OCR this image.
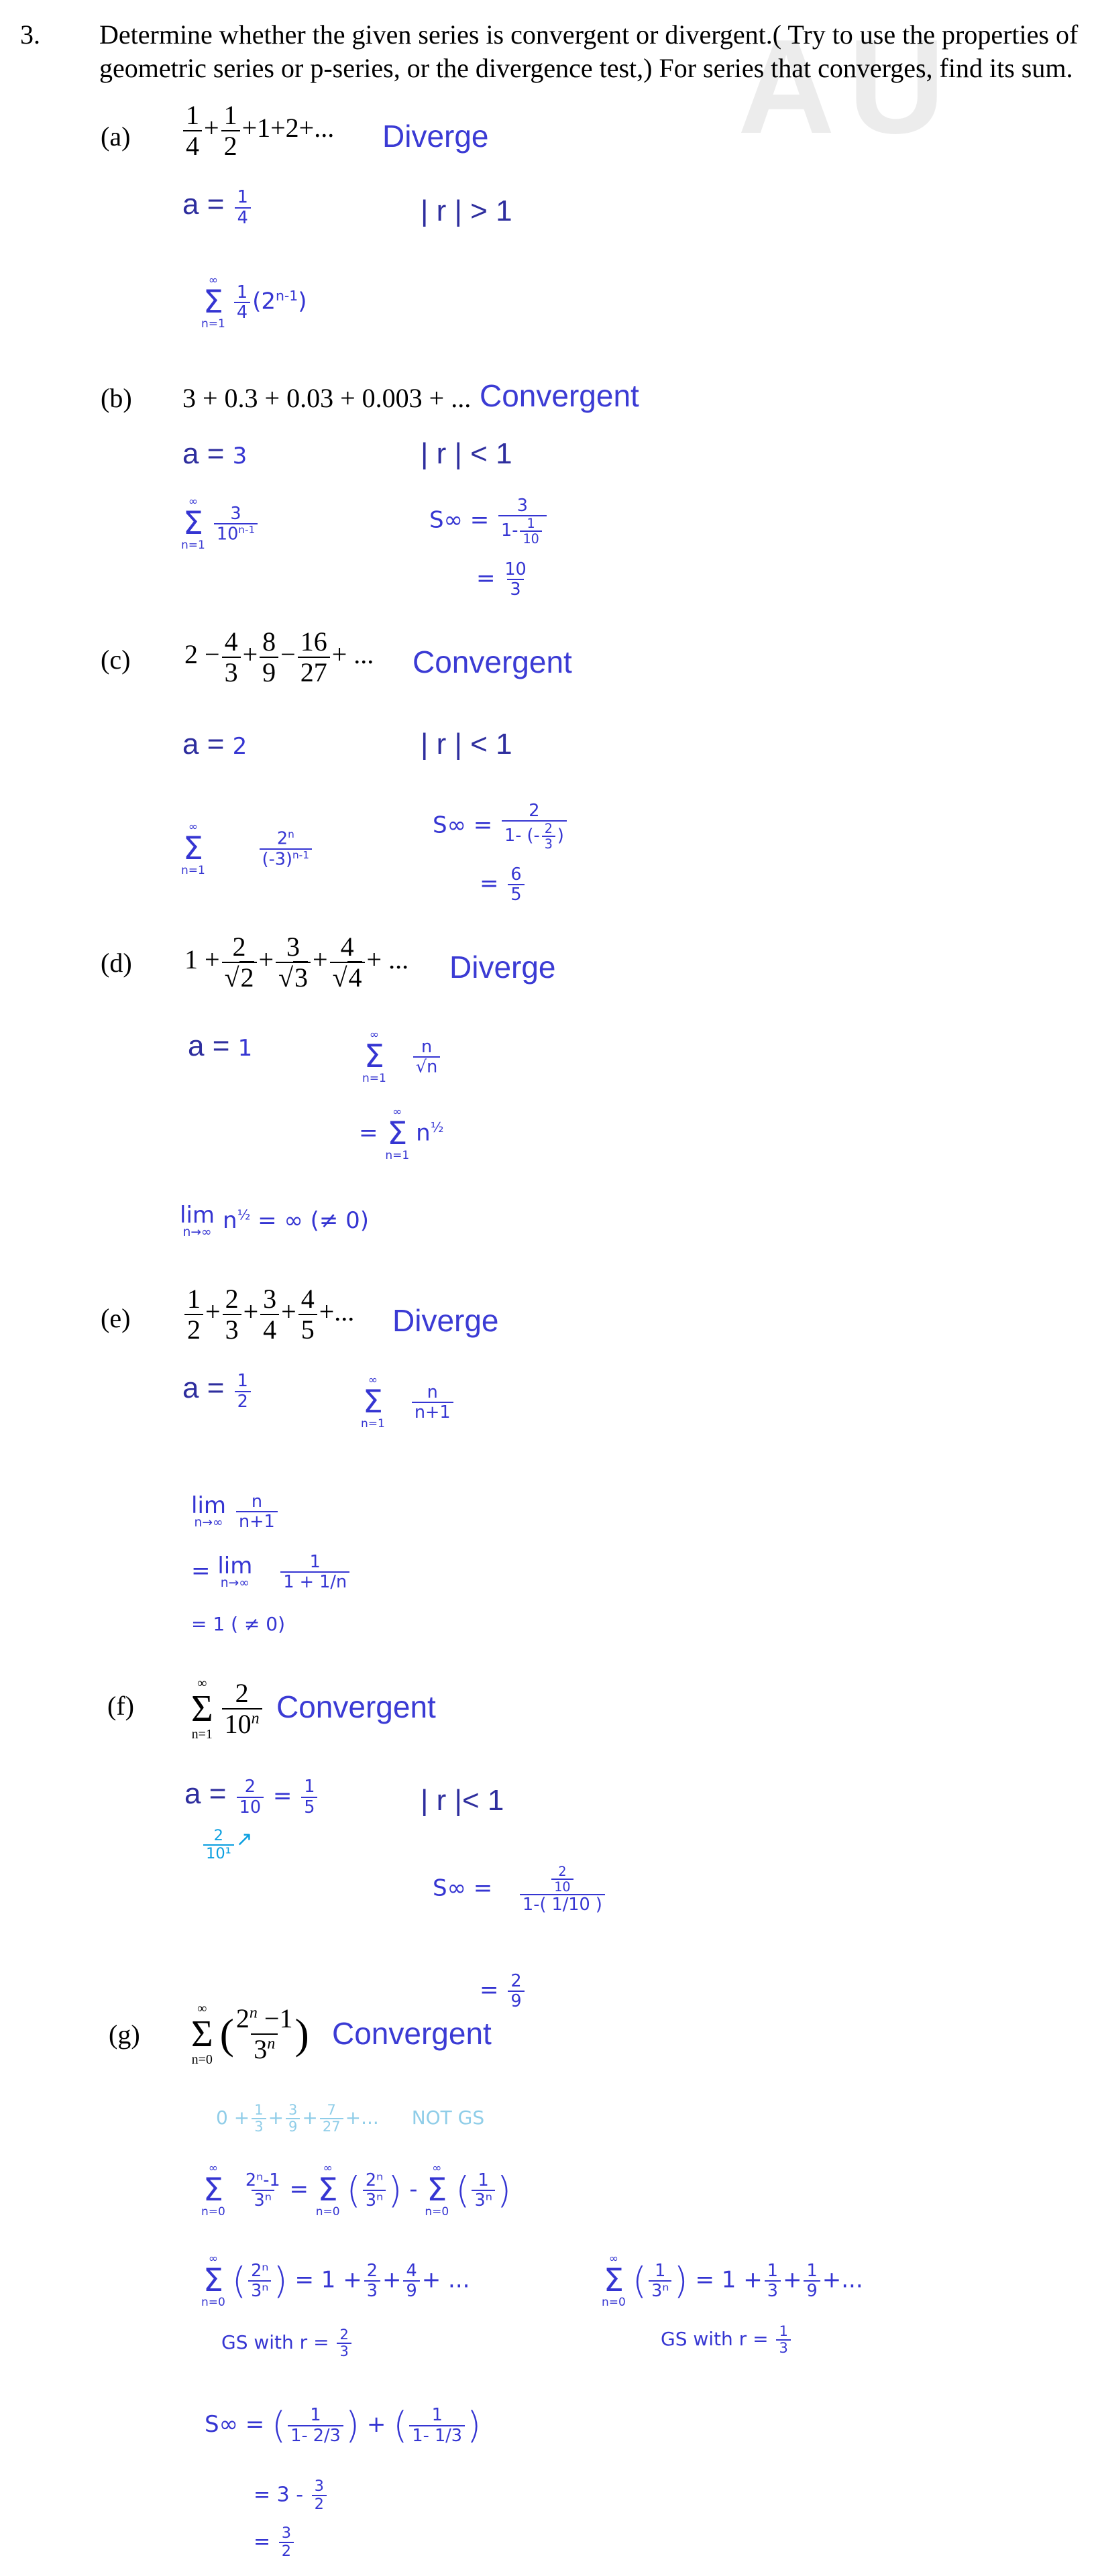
AU
3. Determine whether the given series is convergent or divergent.( Try to use the properties of
geometric series or p-series, or the divergence test,) For series that converges, find its sum.
$(a) \frac{1}{4} + \frac{1}{2} +1+2+$... Diverge
$a = \frac{1}{4}$	| r | > 1
∞
Σ
n=1
$\frac{1}{4} (2^{n-1})$
(b) 3 + 0.3 + 0.03 + 0.003 + ... Convergent
a = 3	| r | < 1
∞
Σ
n=1
$\frac{3}{10^{n-1}}$	$S\infty = \frac{3}{1- \frac{1}{10}}$
= $\frac{10}{3}$
(c) $2 - \frac{4}{3} + \frac{8}{9} - \frac{16}{27}$ + ... Convergent
a = 2	| r | < 1
∞
Σ
n=1

$\frac{2^n}{(-3)^{n-1}}$
$S\infty = \frac{2}{1- (- \frac{2}{3} )}$
= $\frac{6}{5}$
(d) $1 + \frac{2}{√2} + \frac{3}{√3} + \frac{4}{√4}$ + ... Diverge
a = 1	∞
Σ
n=1
$\frac{n}{√n}$
=
∞
Σ
n=1
$n^{\frac{1}{2}}$
lim
n→∞ $n^{\frac{1}{2}}$ = ∞ (≠ 0)
$(e) \frac{1}{2} + \frac{2}{3} + \frac{3}{4} + \frac{4}{5}$ +... Diverge
$a = \frac{1}{2}$	∞
Σ
n=1
$\frac{n}{n+1}$
lim
$n\to\infty \frac{n}{n+1}$
= lim
$n\to\infty \frac{1}{1 + 1/n}$
= 1 ( ≠ 0)
(f)
∞
Σ
$n=1 \frac{2}{10^n}$ Convergent
$a = \frac{2}{10} = \frac{1}{5}$	| r |< 1
$\frac{2}{\text{10¹}}$ ↗
$S\infty = \frac{\frac{2}{10}}{1-( 1/10 )}$
= $\frac{2}{9}$
(g)
∞
Σ
n=0
( $\frac{2^n -1}{3^n}$ ) Convergent
$0 + \frac{1}{3} + \frac{3}{9} + \frac{7}{27}$ +... NOT GS
∞
Σ
n=0
$\frac{\text{2ⁿ-1}}{\text{3ⁿ}}$ =
∞
Σ
n=0
( $\frac{\text{2ⁿ}}{\text{3ⁿ}}$ ) -
∞
Σ
n=0
( $\frac{1}{\text{3ⁿ}}$ )
∞
Σ
n=0
( $\frac{\text{2ⁿ}}{\text{3ⁿ}}$ ) = $1 + \frac{2}{3} + \frac{4}{9}$ + ...
GS with $r = \frac{2}{3}$
∞
Σ
n=0
( $\frac{1}{\text{3ⁿ}}$ ) = $1 + \frac{1}{3} + \frac{1}{9}$ +...
GS with $r = \frac{1}{3}$
S∞ = ( $\frac{1}{1- 2/3}$ ) + ( $\frac{1}{1- 1/3}$ )
= $3 - \frac{3}{2}$
= $\frac{3}{2}$
